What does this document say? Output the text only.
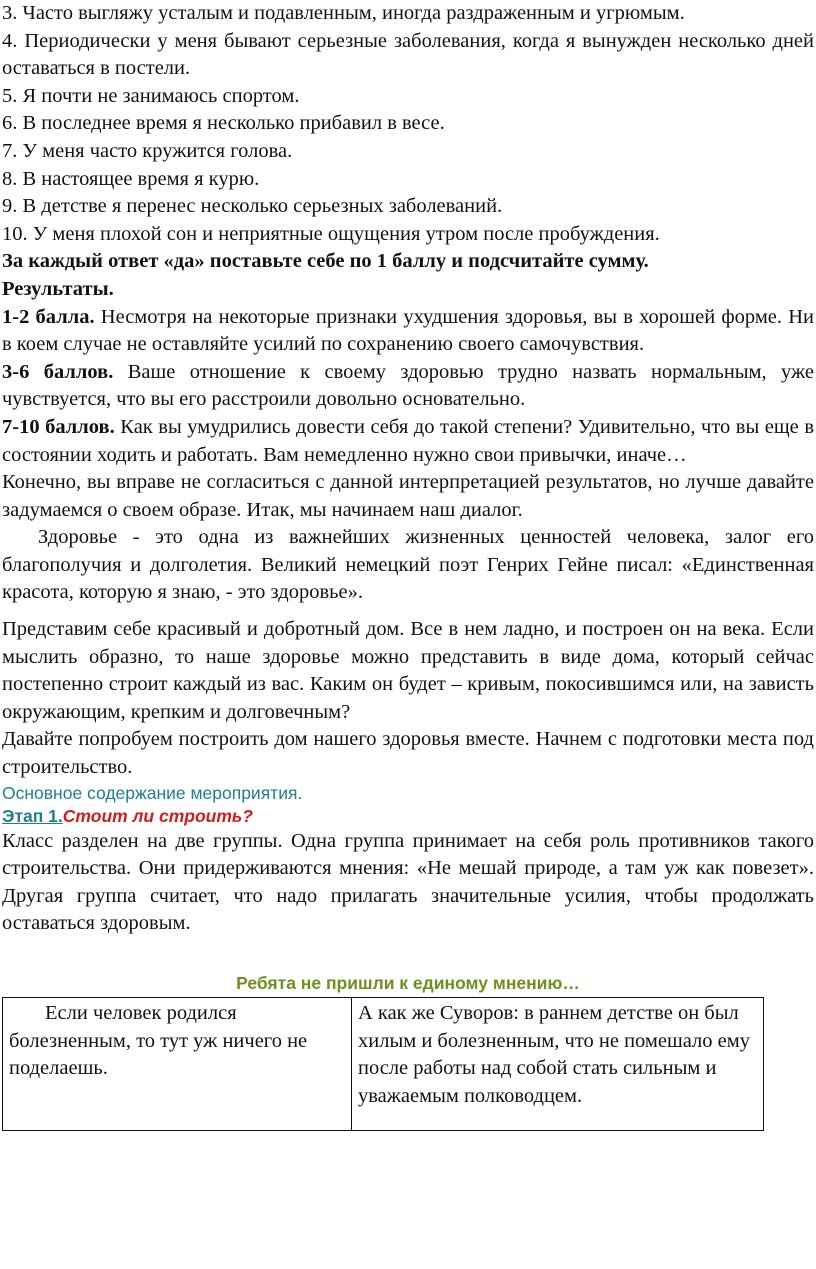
3. Часто выгляжу усталым и подавленным, иногда раздраженным и угрюмым.

4. Периодически у меня бывают серьезные заболевания, когда я вынужден несколько дней оставаться в постели.

5. Я почти не занимаюсь спортом.

6. В последнее время я несколько прибавил в весе.

7. У меня часто кружится голова.

8. В настоящее время я курю.

9. В детстве я перенес несколько серьезных заболеваний.

10. У меня плохой сон и неприятные ощущения утром после пробуждения.

За каждый ответ «да» поставьте себе по 1 баллу и подсчитайте сумму.

Результаты.

1-2 балла. Несмотря на некоторые признаки ухудшения здоровья, вы в хорошей форме. Ни в коем случае не оставляйте усилий по сохранению своего самочувствия.

3-6 баллов. Ваше отношение к своему здоровью трудно назвать нормальным, уже чувствуется, что вы его расстроили довольно основательно.

7-10 баллов. Как вы умудрились довести себя до такой степени? Удивительно, что вы еще в состоянии ходить и работать. Вам немедленно нужно свои привычки, иначе…

Конечно, вы вправе не согласиться с данной интерпретацией результатов, но лучше давайте задумаемся о своем образе. Итак, мы начинаем наш диалог.

Здоровье - это одна из важнейших жизненных ценностей человека, залог его благополучия и долголетия. Великий немецкий поэт Генрих Гейне писал: «Единственная красота, которую я знаю, - это здоровье».

Представим себе красивый и добротный дом. Все в нем ладно, и построен он на века. Если мыслить образно, то наше здоровье можно представить в виде дома, который сейчас постепенно строит каждый из вас. Каким он будет – кривым, покосившимся или, на зависть окружающим, крепким и долговечным?

Давайте попробуем построить дом нашего здоровья вместе. Начнем с подготовки места под строительство.

Основное содержание мероприятия.

Этап 1.Стоит ли строить?

Класс разделен на две группы. Одна группа принимает на себя роль противников такого строительства. Они придерживаются мнения: «Не мешай природе, а там уж как повезет». Другая группа считает, что надо прилагать значительные усилия, чтобы продолжать оставаться здоровым.

Ребята не пришли к единому мнению…

Если человек родился болезненным, то тут уж ничего не поделаешь.	А как же Суворов: в раннем детстве он был хилым и болезненным, что не помешало ему после работы над собой стать сильным и уважаемым полководцем.
